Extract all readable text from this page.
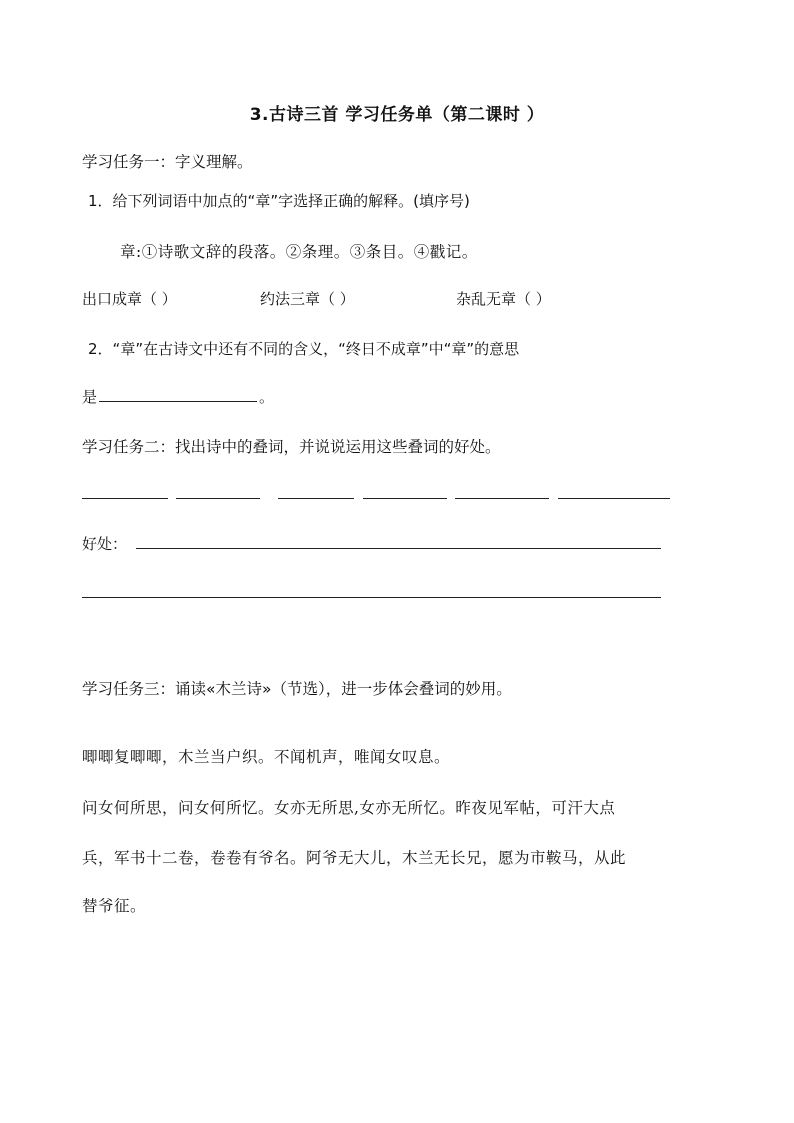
3.古诗三首 学习任务单（第二课时 ）
学习任务一：字义理解。
1．给下列词语中加点的“章”字选择正确的解释。(填序号)
章:①诗歌文辞的段落。②条理。③条目。④戳记。
出口成章（ ）	约法三章（ ）	杂乱无章（ ）
2．“章”在古诗文中还有不同的含义，“终日不成章”中“章”的意思
是	。
学习任务二：找出诗中的叠词，并说说运用这些叠词的好处。
好处：
学习任务三：诵读«木兰诗»（节选），进一步体会叠词的妙用。
唧唧复唧唧，木兰当户织。不闻机声，唯闻女叹息。
问女何所思，问女何所忆。女亦无所思,女亦无所忆。昨夜见军帖，可汗大点
兵，军书十二卷，卷卷有爷名。阿爷无大儿，木兰无长兄，愿为市鞍马，从此
替爷征。
